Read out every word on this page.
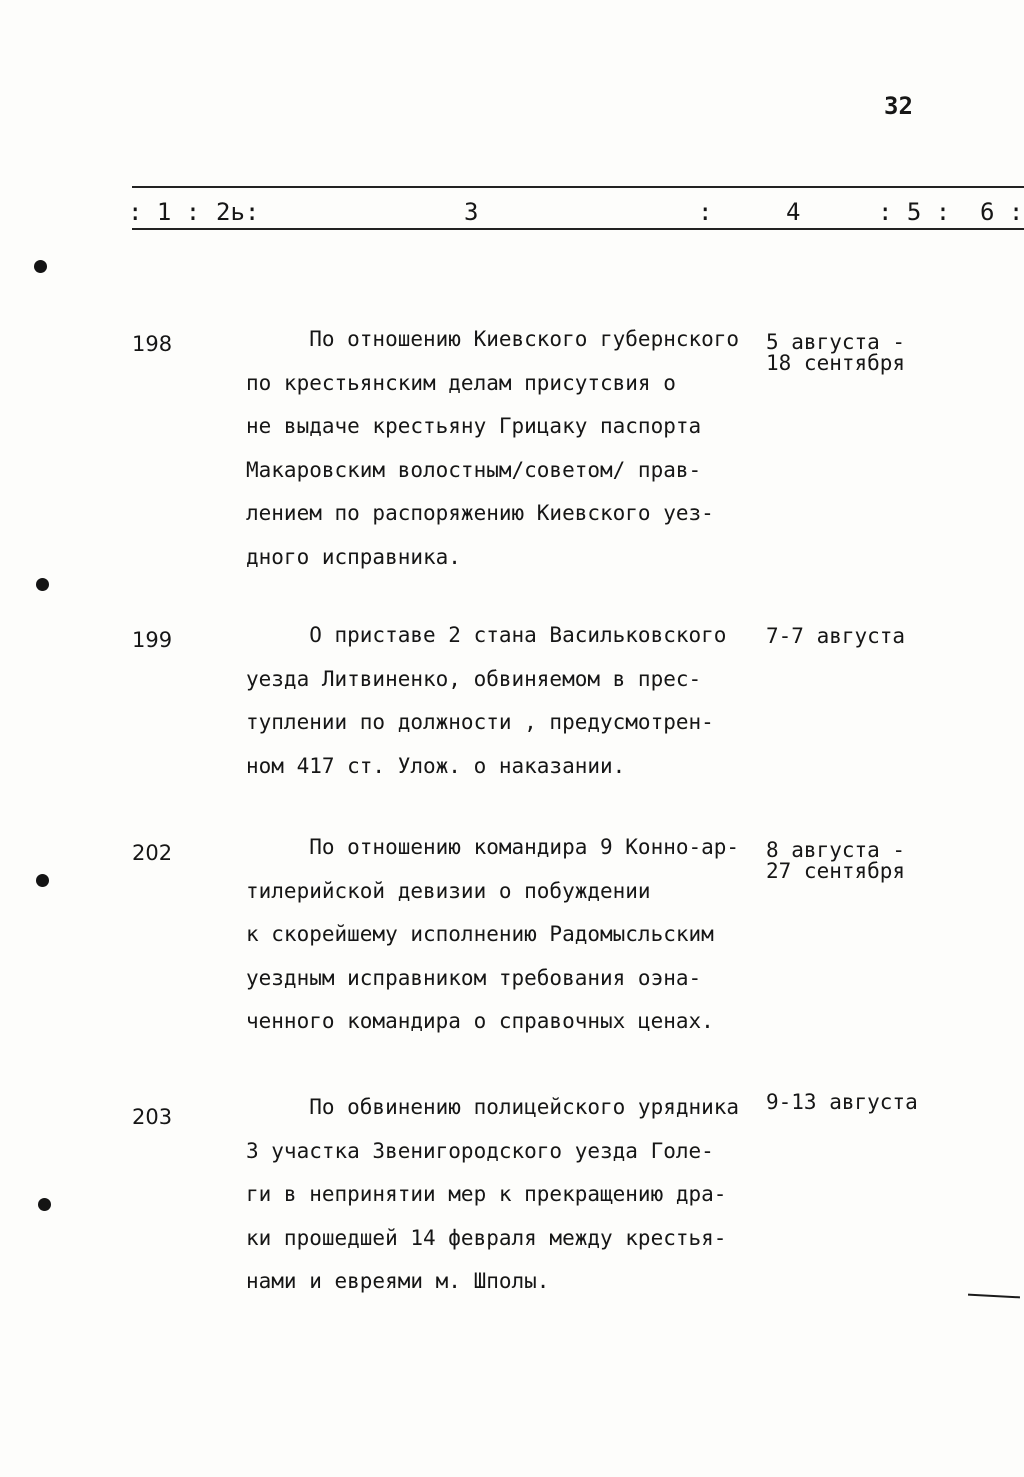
32
: 1 : 2ь:	3	:	4	: 5 : 6 :
198	По отношению Киевского губернского
по крестьянским делам присутсвия о
не выдаче крестьяну Грицаку паспорта
Макаровским волостным/советом/ прав-
лением по распоряжению Киевского уез-
дного исправника.
5 августа -
18 сентября
199	О приставе 2 стана Васильковского
уезда Литвиненко, обвиняемом в прес-
туплении по должности , предусмотрен-
ном 417 ст. Улож. о наказании.
7-7 августа
202	По отношению командира 9 Конно-ар-
тилерийской девизии о побуждении
к скорейшему исполнению Радомысльским
уездным исправником требования оэна-
ченного командира о справочных ценах.
8 августа -
27 сентября
203	По обвинению полицейского урядника
3 участка Звенигородского уезда Голе-
ги в непринятии мер к прекращению дра-
ки прошедшей 14 февраля между крестья-
нами и евреями м. Шполы.
9-13 августа
